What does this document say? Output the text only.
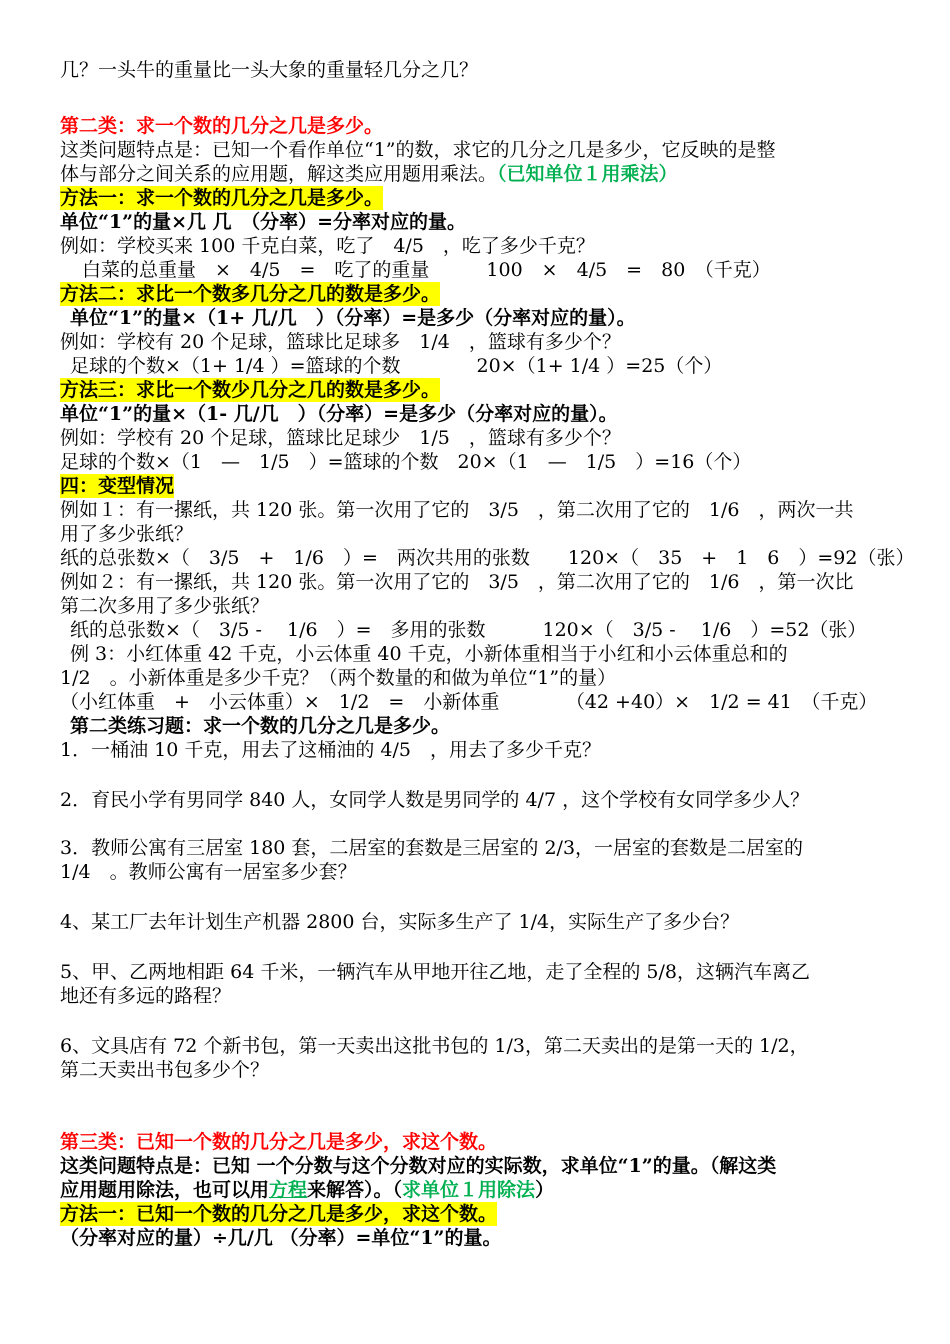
几？一头牛的重量比一头大象的重量轻几分之几？
第二类：求一个数的几分之几是多少。
这类问题特点是：已知一个看作单位“1”的数，求它的几分之几是多少，它反映的是整
体与部分之间关系的应用题，解这类应用题用乘法。（已知单位１用乘法）
方法一：求一个数的几分之几是多少。
单位“1”的量×几 几　（分率）=分率对应的量。
例如：学校买来 100 千克白菜，吃了　4/5　，吃了多少千克？
白菜的总重量　×　4/5　=　吃了的重量　　　100　×　4/5　=　80　（千克）
方法二：求比一个数多几分之几的数是多少。
单位“1”的量×（1+ 几/几　）（分率）=是多少（分率对应的量）。
例如：学校有 20 个足球，篮球比足球多　1/4　，篮球有多少个？
足球的个数×（1+ 1/4 ）=篮球的个数　　　　20×（1+ 1/4 ）=25（个）
方法三：求比一个数少几分之几的数是多少。
单位“1”的量×（1- 几/几　）（分率）=是多少（分率对应的量）。
例如：学校有 20 个足球，篮球比足球少　1/5　，篮球有多少个？
足球的个数×（1　—　1/5　）=篮球的个数　20×（1　—　1/5　）=16（个）
四：变型情况
例如１：有一摞纸，共 120 张。第一次用了它的　3/5　，第二次用了它的　1/6　，两次一共
用了多少张纸？
纸的总张数×（　3/5　+　1/6　）=　两次共用的张数　　120×（　35　+　1　6　）=92（张）
例如２：有一摞纸，共 120 张。第一次用了它的　3/5　，第二次用了它的　1/6　，第一次比
第二次多用了多少张纸？
纸的总张数×（　3/5 -　 1/6　）=　多用的张数　　　120×（　3/5 -　 1/6　）=52（张）
例 3：小红体重 42 千克，小云体重 40 千克，小新体重相当于小红和小云体重总和的
1/2　。小新体重是多少千克？（两个数量的和做为单位“1”的量）
（小红体重　+　小云体重）×　1/2　=　小新体重　　　　（42 +40）×　1/2 = 41　（千克）
第二类练习题：求一个数的几分之几是多少。
1．一桶油 10 千克，用去了这桶油的 4/5　，用去了多少千克？
2．育民小学有男同学 840 人，女同学人数是男同学的 4/7 ，这个学校有女同学多少人？
3．教师公寓有三居室 180 套，二居室的套数是三居室的 2/3，一居室的套数是二居室的
1/4　。教师公寓有一居室多少套？
4、某工厂去年计划生产机器 2800 台，实际多生产了 1/4，实际生产了多少台？
5、甲、乙两地相距 64 千米，一辆汽车从甲地开往乙地，走了全程的 5/8，这辆汽车离乙
地还有多远的路程？
6、文具店有 72 个新书包，第一天卖出这批书包的 1/3，第二天卖出的是第一天的 1/2，
第二天卖出书包多少个？
第三类：已知一个数的几分之几是多少，求这个数。
这类问题特点是：已知 一个分数与这个分数对应的实际数，求单位“1”的量。（解这类
应用题用除法，也可以用方程来解答）。（求单位１用除法）
方法一：已知一个数的几分之几是多少，求这个数。
（分率对应的量）÷几/几 （分率）=单位“1”的量。
